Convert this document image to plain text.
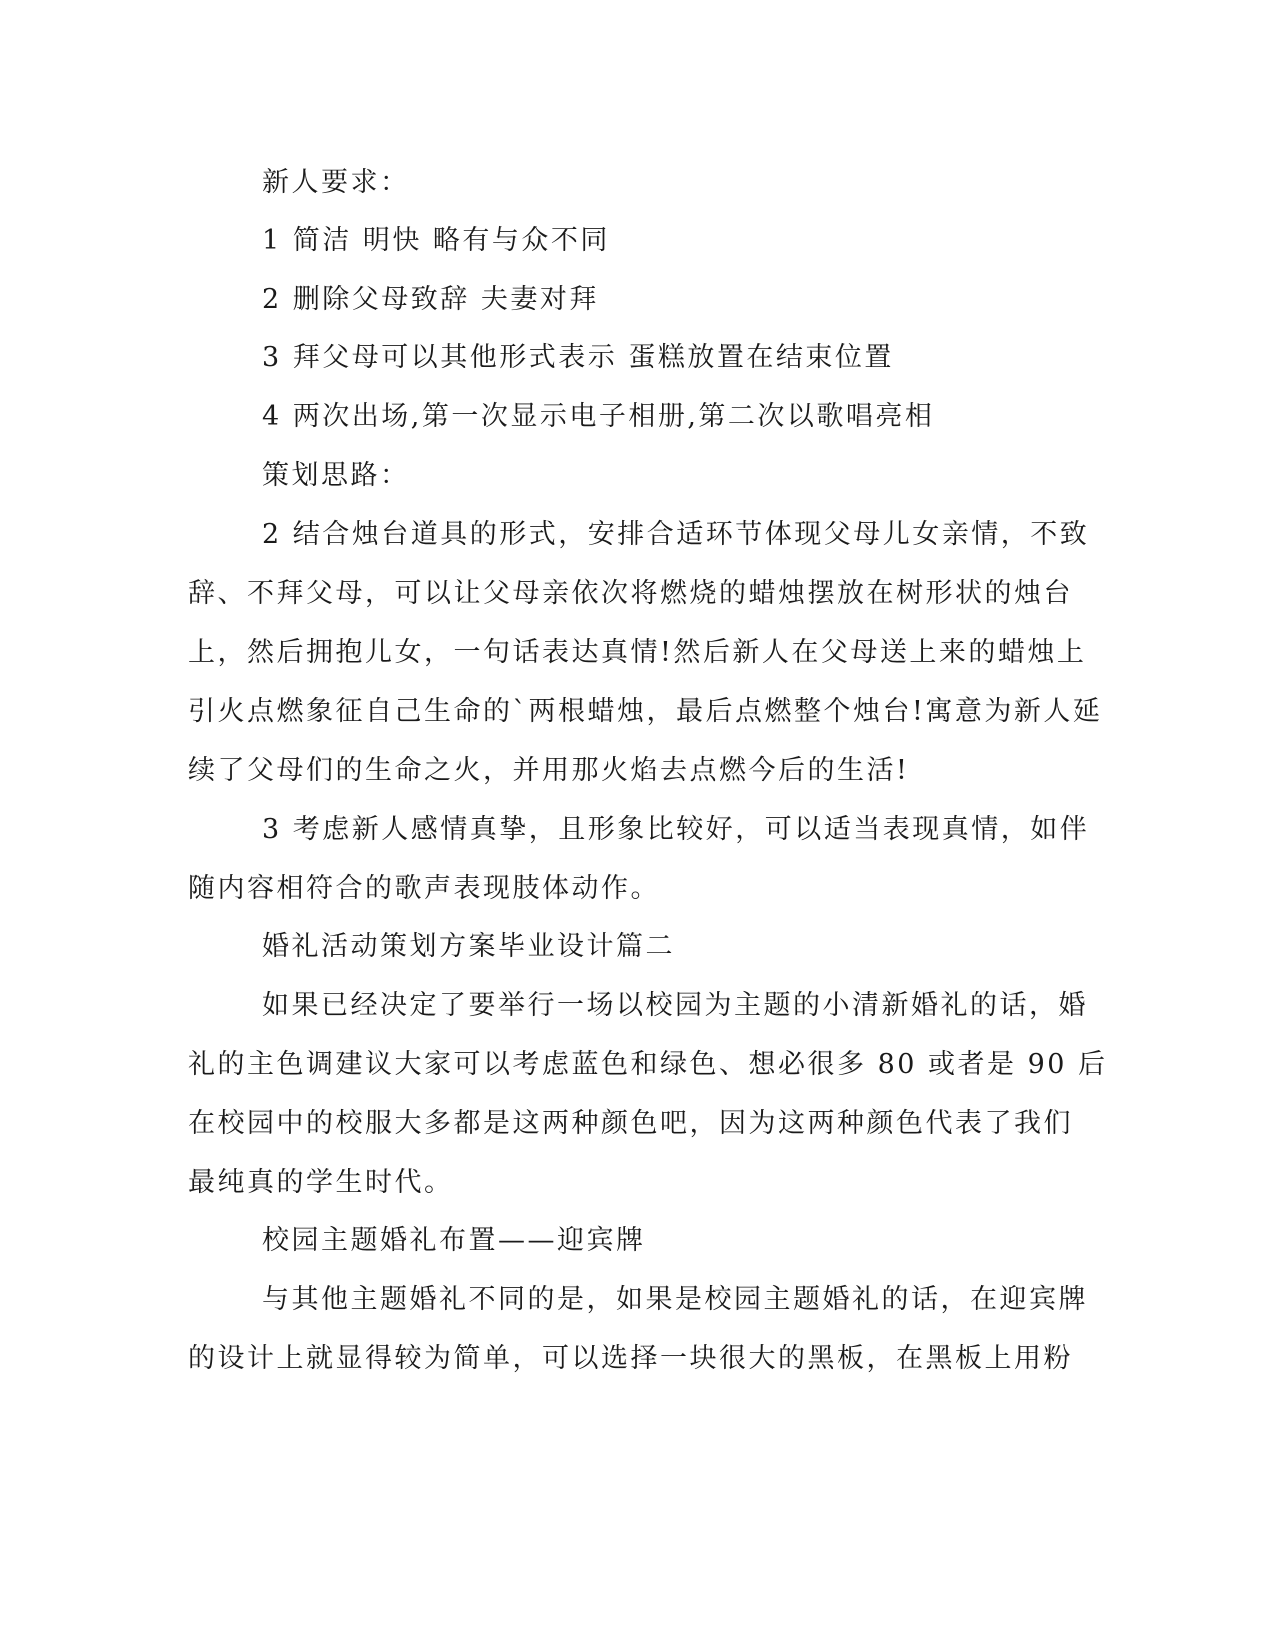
新人要求：
1 简洁 明快 略有与众不同
2 删除父母致辞 夫妻对拜
3 拜父母可以其他形式表示 蛋糕放置在结束位置
4 两次出场,第一次显示电子相册,第二次以歌唱亮相
策划思路：
2 结合烛台道具的形式，安排合适环节体现父母儿女亲情，不致
辞、不拜父母，可以让父母亲依次将燃烧的蜡烛摆放在树形状的烛台
上，然后拥抱儿女，一句话表达真情!然后新人在父母送上来的蜡烛上
引火点燃象征自己生命的`两根蜡烛，最后点燃整个烛台!寓意为新人延
续了父母们的生命之火，并用那火焰去点燃今后的生活!
3 考虑新人感情真挚，且形象比较好，可以适当表现真情，如伴
随内容相符合的歌声表现肢体动作。
婚礼活动策划方案毕业设计篇二
如果已经决定了要举行一场以校园为主题的小清新婚礼的话，婚
礼的主色调建议大家可以考虑蓝色和绿色、想必很多 80 或者是 90 后
在校园中的校服大多都是这两种颜色吧，因为这两种颜色代表了我们
最纯真的学生时代。
校园主题婚礼布置——迎宾牌
与其他主题婚礼不同的是，如果是校园主题婚礼的话，在迎宾牌
的设计上就显得较为简单，可以选择一块很大的黑板，在黑板上用粉
